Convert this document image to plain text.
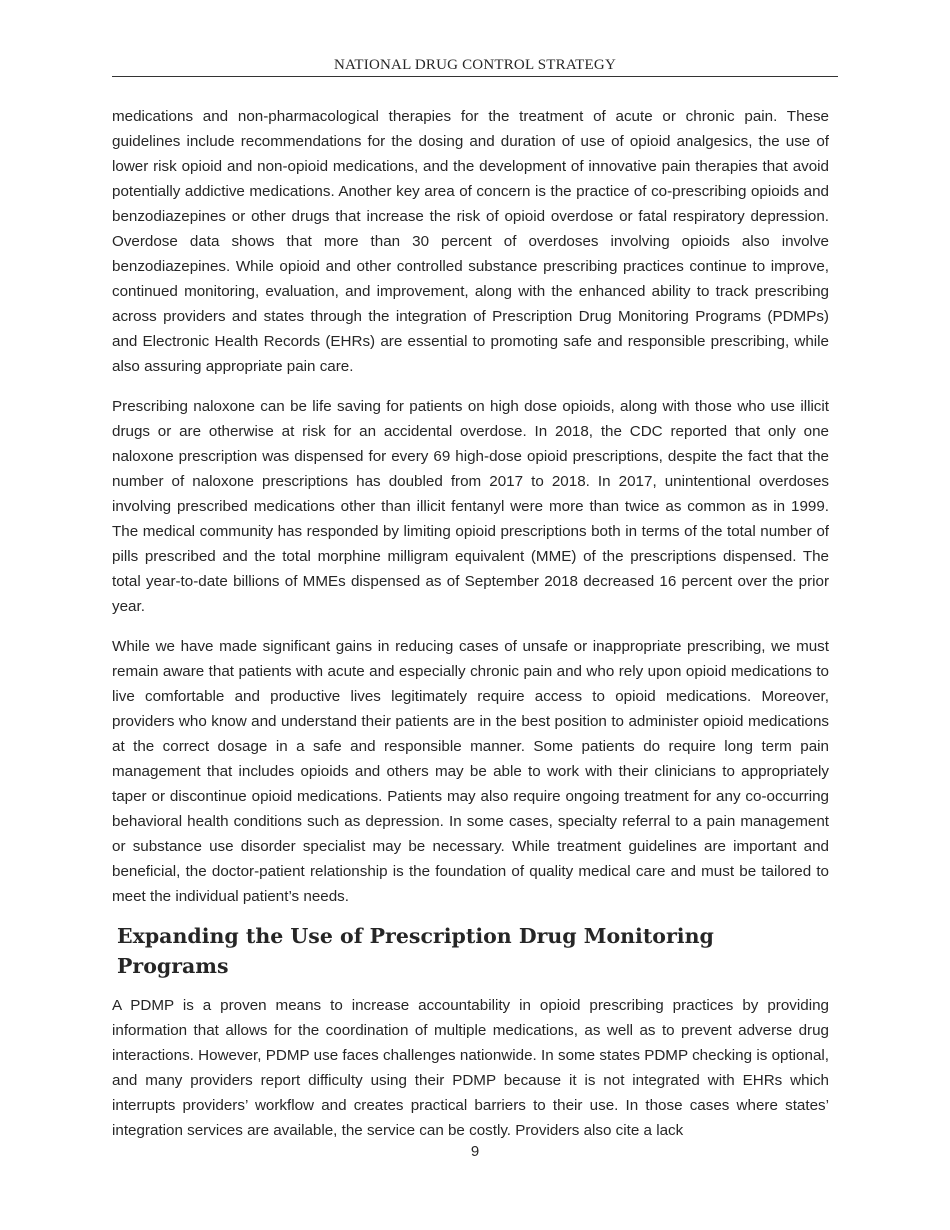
NATIONAL DRUG CONTROL STRATEGY

medications and non-pharmacological therapies for the treatment of acute or chronic pain. These guidelines include recommendations for the dosing and duration of use of opioid analgesics, the use of lower risk opioid and non-opioid medications, and the development of innovative pain therapies that avoid potentially addictive medications. Another key area of concern is the practice of co-prescribing opioids and benzodiazepines or other drugs that increase the risk of opioid overdose or fatal respiratory depression. Overdose data shows that more than 30 percent of overdoses involving opioids also involve benzodiazepines. While opioid and other controlled substance prescribing practices continue to improve, continued monitoring, evaluation, and improvement, along with the enhanced ability to track prescribing across providers and states through the integration of Prescription Drug Monitoring Programs (PDMPs) and Electronic Health Records (EHRs) are essential to promoting safe and responsible prescribing, while also assuring appropriate pain care.

Prescribing naloxone can be life saving for patients on high dose opioids, along with those who use illicit drugs or are otherwise at risk for an accidental overdose. In 2018, the CDC reported that only one naloxone prescription was dispensed for every 69 high-dose opioid prescriptions, despite the fact that the number of naloxone prescriptions has doubled from 2017 to 2018. In 2017, unintentional overdoses involving prescribed medications other than illicit fentanyl were more than twice as common as in 1999. The medical community has responded by limiting opioid prescriptions both in terms of the total number of pills prescribed and the total morphine milligram equivalent (MME) of the prescriptions dispensed. The total year-to-date billions of MMEs dispensed as of September 2018 decreased 16 percent over the prior year.

While we have made significant gains in reducing cases of unsafe or inappropriate prescribing, we must remain aware that patients with acute and especially chronic pain and who rely upon opioid medications to live comfortable and productive lives legitimately require access to opioid medications. Moreover, providers who know and understand their patients are in the best position to administer opioid medications at the correct dosage in a safe and responsible manner. Some patients do require long term pain management that includes opioids and others may be able to work with their clinicians to appropriately taper or discontinue opioid medications. Patients may also require ongoing treatment for any co-occurring behavioral health conditions such as depression. In some cases, specialty referral to a pain management or substance use disorder specialist may be necessary. While treatment guidelines are important and beneficial, the doctor-patient relationship is the foundation of quality medical care and must be tailored to meet the individual patient’s needs.

Expanding the Use of Prescription Drug Monitoring Programs

A PDMP is a proven means to increase accountability in opioid prescribing practices by providing information that allows for the coordination of multiple medications, as well as to prevent adverse drug interactions. However, PDMP use faces challenges nationwide. In some states PDMP checking is optional, and many providers report difficulty using their PDMP because it is not integrated with EHRs which interrupts providers’ workflow and creates practical barriers to their use. In those cases where states’ integration services are available, the service can be costly. Providers also cite a lack

9
